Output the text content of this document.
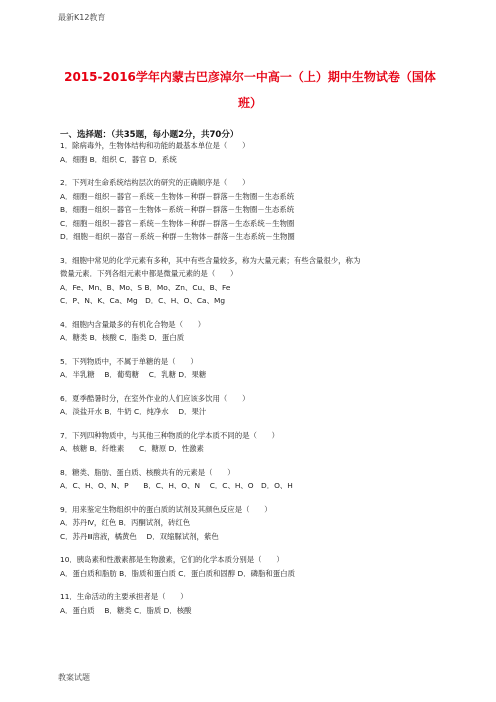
最新K12教育
2015-2016学年内蒙古巴彦淖尔一中高一（上）期中生物试卷（国体班）
一、选择题：（共35题，每小题2分，共70分）
1．除病毒外，生物体结构和功能的最基本单位是（　　）
A．细胞 B．组织 C．器官 D．系统
2．下列对生命系统结构层次的研究的正确顺序是（　　）
A．细胞－组织－器官－系统－生物体－种群－群落－生物圈－生态系统
B．细胞－组织－器官－生物体－系统－种群－群落－生物圈－生态系统
C．细胞－组织－器官－系统－生物体－种群－群落－生态系统－生物圈
D．细胞－组织－器官－系统－种群－生物体－群落－生态系统－生物圈
3．细胞中常见的化学元素有多种，其中有些含量较多，称为大量元素；有些含量很少，称为
微量元素．下列各组元素中都是微量元素的是（　　）
A．Fe、Mn、B、Mo、S B．Mo、Zn、Cu、B、Fe
C．P、N、K、Ca、Mg　D．C、H、O、Ca、Mg
4．细胞内含量最多的有机化合物是（　　）
A．糖类 B．核酸 C．脂类 D．蛋白质
5．下列物质中，不属于单糖的是（　　）
A．半乳糖　 B．葡萄糖　 C．乳糖 D．果糖
6．夏季酷暑时分，在室外作业的人们应该多饮用（　　）
A．淡盐开水 B．牛奶 C．纯净水　 D．果汁
7．下列四种物质中，与其他三种物质的化学本质不同的是（　　）
A．核糖 B．纤维素　　C．糖原 D．性激素
8．糖类、脂肪、蛋白质、核酸共有的元素是（　　）
A．C、H、O、N、P　　B．C、H、O、N　 C．C、H、O　D．O、H
9．用来鉴定生物组织中的蛋白质的试剂及其颜色反应是（　　）
A．苏丹Ⅳ，红色 B．丙酮试剂，砖红色
C．苏丹Ⅲ溶液，橘黄色　 D．双缩脲试剂，紫色
10．胰岛素和性激素都是生物激素，它们的化学本质分别是（　　）
A．蛋白质和脂肪 B．脂质和蛋白质 C．蛋白质和固醇 D．磷脂和蛋白质
11．生命活动的主要承担者是（　　）
A．蛋白质　 B．糖类 C．脂质 D．核酸
教案试题
